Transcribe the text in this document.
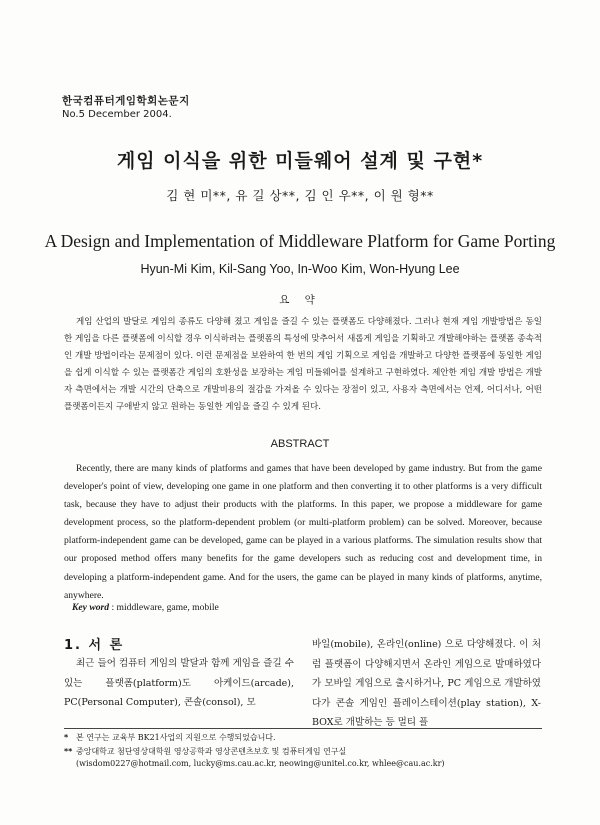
한국컴퓨터게임학회논문지
No.5 December 2004.
게임 이식을 위한 미들웨어 설계 및 구현*
김 현 미**, 유 길 상**, 김 인 우**, 이 원 형**
A Design and Implementation of Middleware Platform for Game Porting
Hyun-Mi Kim, Kil-Sang Yoo, In-Woo Kim, Won-Hyung Lee
요 약

게임 산업의 발달로 게임의 종류도 다양해 졌고 게임을 즐길 수 있는 플랫폼도 다양해졌다. 그러나 현재 게임 개발방법은 동일한 게임을 다른 플랫폼에 이식할 경우 이식하려는 플랫폼의 특성에 맞추어서 새롭게 게임을 기획하고 개발해야하는 플랫폼 종속적인 개발 방법이라는 문제점이 있다. 이런 문제점을 보완하여 한 번의 게임 기획으로 게임을 개발하고 다양한 플랫폼에 동일한 게임을 쉽게 이식할 수 있는 플랫폼간 게임의 호환성을 보장하는 게임 미들웨어를 설계하고 구현하였다. 제안한 게임 개발 방법은 개발자 측면에서는 개발 시간의 단축으로 개발비용의 절감을 가져올 수 있다는 장점이 있고, 사용자 측면에서는 언제, 어디서나, 어떤 플랫폼이든지 구애받지 않고 원하는 동일한 게임을 즐길 수 있게 된다.

ABSTRACT

Recently, there are many kinds of platforms and games that have been developed by game industry. But from the game developer's point of view, developing one game in one platform and then converting it to other platforms is a very difficult task, because they have to adjust their products with the platforms. In this paper, we propose a middleware for game development process, so the platform-dependent problem (or multi-platform problem) can be solved. Moreover, because platform-independent game can be developed, game can be played in a various platforms. The simulation results show that our proposed method offers many benefits for the game developers such as reducing cost and development time, in developing a platform-independent game. And for the users, the game can be played in many kinds of platforms, anytime, anywhere.

Key word : middleware, game, mobile
1. 서 론

최근 들어 컴퓨터 게임의 발달과 함께 게임을 즐길 수 있는 플랫폼(platform)도 아케이드(arcade), PC(Personal Computer), 콘솔(consol), 모

바일(mobile), 온라인(online) 으로 다양해졌다. 이 처럼 플랫폼이 다양해지면서 온라인 게임으로 발매하였다가 모바일 게임으로 출시하거나, PC 게임으로 개발하였다가 콘솔 게임인 플레이스테이션(play station), X-BOX로 개발하는 등 멀티 플

* 본 연구는 교육부 BK21사업의 지원으로 수행되었습니다.
** 중앙대학교 첨단영상대학원 영상공학과 영상콘텐츠보호 및 컴퓨터게임 연구실
(wisdom0227@hotmail.com, lucky@ms.cau.ac.kr, neowing@unitel.co.kr, whlee@cau.ac.kr)
